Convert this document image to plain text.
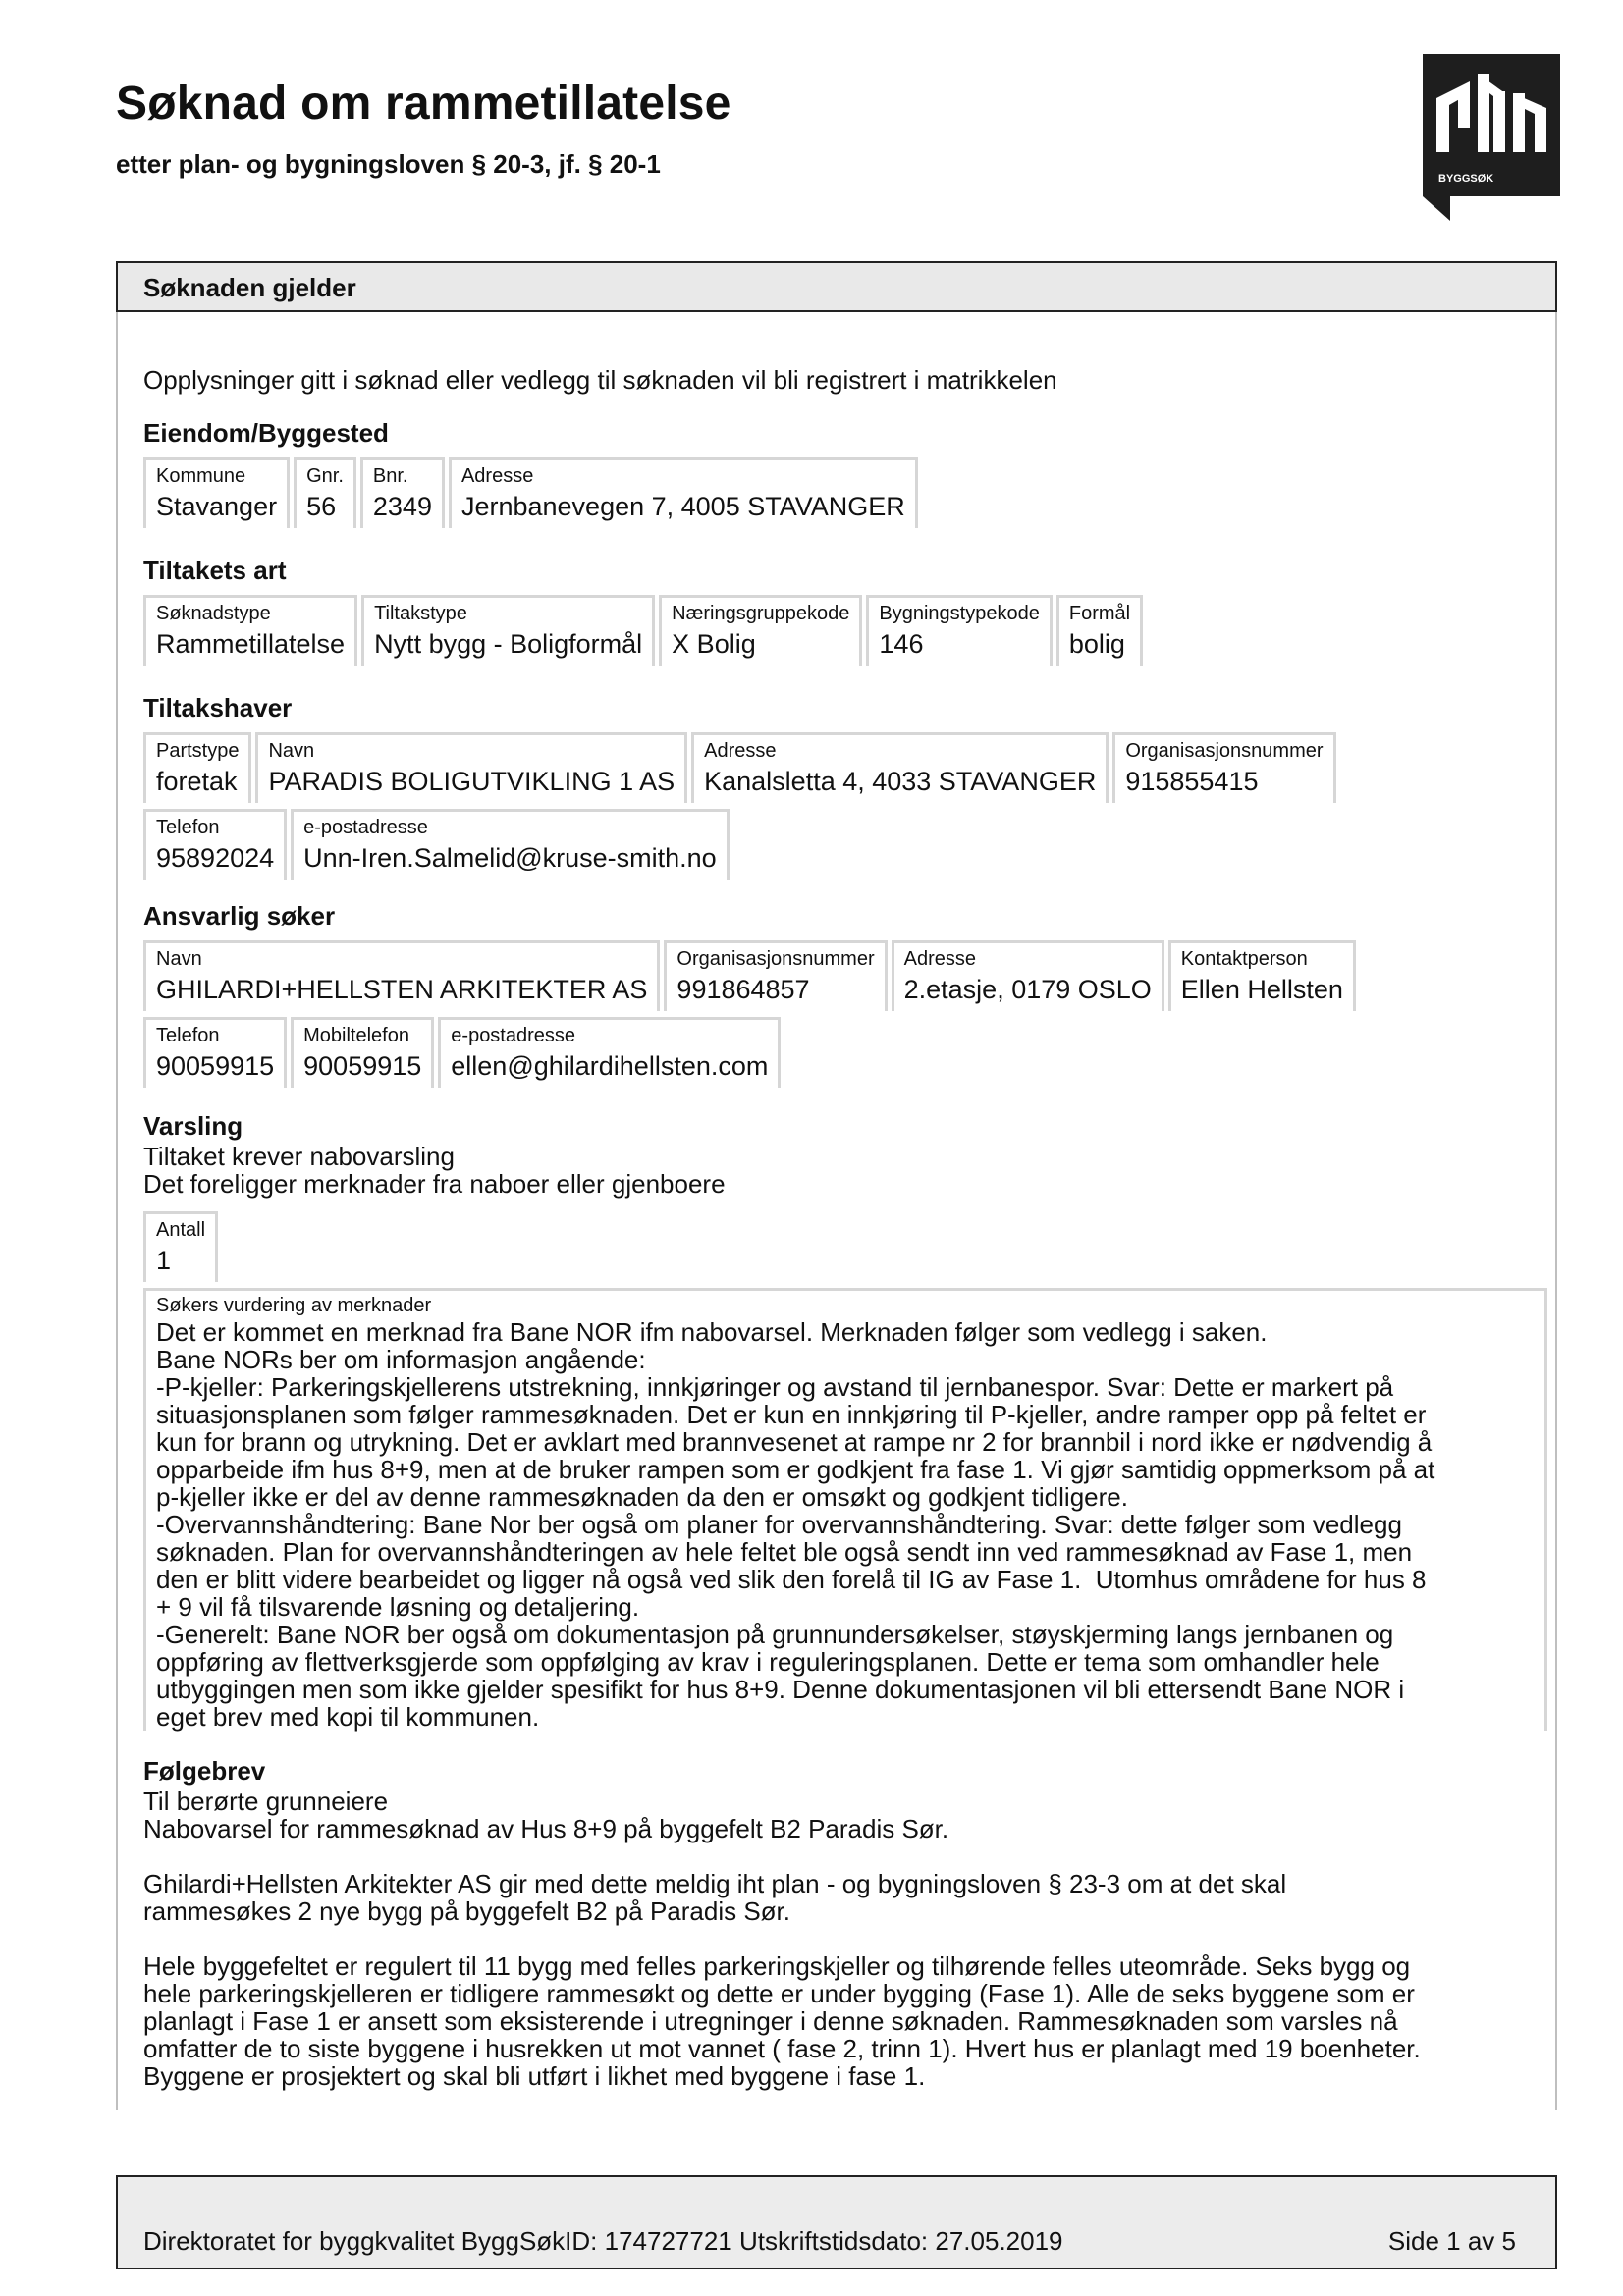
Søknad om rammetillatelse
etter plan- og bygningsloven § 20-3, jf. § 20-1	BYGGSØK
Søknaden gjelder

Opplysninger gitt i søknad eller vedlegg til søknaden vil bli registrert i matrikkelen

Eiendom/Byggested

Kommune
Stavanger
Gnr.
56
Bnr.
2349
Adresse
Jernbanevegen 7, 4005 STAVANGER

Tiltakets art

Søknadstype
Rammetillatelse
Tiltakstype
Nytt bygg - Boligformål
Næringsgruppekode
X Bolig
Bygningstypekode
146
Formål
bolig

Tiltakshaver

Partstype
foretak
Navn
PARADIS BOLIGUTVIKLING 1 AS
Adresse
Kanalsletta 4, 4033 STAVANGER
Organisasjonsnummer
915855415
Telefon
95892024
e-postadresse
Unn-Iren.Salmelid@kruse-smith.no

Ansvarlig søker

Navn
GHILARDI+HELLSTEN ARKITEKTER AS
Organisasjonsnummer
991864857
Adresse
2.etasje, 0179 OSLO
Kontaktperson
Ellen Hellsten
Telefon
90059915
Mobiltelefon
90059915
e-postadresse
ellen@ghilardihellsten.com

Varsling

Tiltaket krever nabovarsling

Det foreligger merknader fra naboer eller gjenboere

Antall
1
Søkers vurdering av merknader
Det er kommet en merknad fra Bane NOR ifm nabovarsel. Merknaden følger som vedlegg i saken.
Bane NORs ber om informasjon angående:
-P-kjeller: Parkeringskjellerens utstrekning, innkjøringer og avstand til jernbanespor. Svar: Dette er markert på
situasjonsplanen som følger rammesøknaden. Det er kun en innkjøring til P-kjeller, andre ramper opp på feltet er
kun for brann og utrykning. Det er avklart med brannvesenet at rampe nr 2 for brannbil i nord ikke er nødvendig å
opparbeide ifm hus 8+9, men at de bruker rampen som er godkjent fra fase 1. Vi gjør samtidig oppmerksom på at
p-kjeller ikke er del av denne rammesøknaden da den er omsøkt og godkjent tidligere.
-Overvannshåndtering: Bane Nor ber også om planer for overvannshåndtering. Svar: dette følger som vedlegg
søknaden. Plan for overvannshåndteringen av hele feltet ble også sendt inn ved rammesøknad av Fase 1, men
den er blitt videre bearbeidet og ligger nå også ved slik den forelå til IG av Fase 1.  Utomhus områdene for hus 8
+ 9 vil få tilsvarende løsning og detaljering.
-Generelt: Bane NOR ber også om dokumentasjon på grunnundersøkelser, støyskjerming langs jernbanen og
oppføring av flettverksgjerde som oppfølging av krav i reguleringsplanen. Dette er tema som omhandler hele
utbyggingen men som ikke gjelder spesifikt for hus 8+9. Denne dokumentasjonen vil bli ettersendt Bane NOR i
eget brev med kopi til kommunen.

Følgebrev

Til berørte grunneiere
Nabovarsel for rammesøknad av Hus 8+9 på byggefelt B2 Paradis Sør.

Ghilardi+Hellsten Arkitekter AS gir med dette meldig iht plan - og bygningsloven § 23-3 om at det skal
rammesøkes 2 nye bygg på byggefelt B2 på Paradis Sør.

Hele byggefeltet er regulert til 11 bygg med felles parkeringskjeller og tilhørende felles uteområde. Seks bygg og
hele parkeringskjelleren er tidligere rammesøkt og dette er under bygging (Fase 1). Alle de seks byggene som er
planlagt i Fase 1 er ansett som eksisterende i utregninger i denne søknaden. Rammesøknaden som varsles nå
omfatter de to siste byggene i husrekken ut mot vannet ( fase 2, trinn 1). Hvert hus er planlagt med 19 boenheter.
Byggene er prosjektert og skal bli utført i likhet med byggene i fase 1.
Direktoratet for byggkvalitet ByggSøkID: 174727721 Utskriftstidsdato: 27.05.2019	Side 1 av 5
